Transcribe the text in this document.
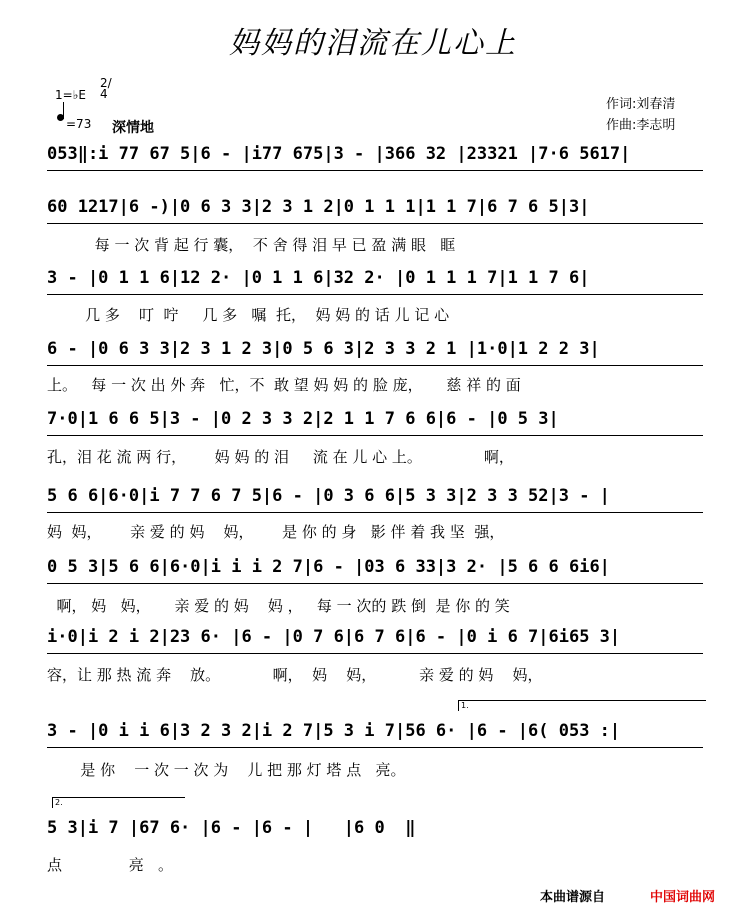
妈妈的泪流在儿心上
1=♭E
2/4
=73 深情地
作词:刘春清
作曲:李志明
053‖:i 77 67 5|6 - |i77 675|3 - |366 32 |23321 |7·6 5617|
60 1217|6 -)|0 6 3 3|2 3 1 2|0 1 1 1|1 1 7|6 7 6 5|3|
每 一 次 背 起 行 囊，  不 舍 得 泪 早 已 盈 满 眼   眶
3 - |0 1 1 6|12 2· |0 1 1 6|32 2· |0 1 1 1 7|1 1 7 6|
几 多    叮  咛     几 多   嘱  托，  妈 妈 的 话 儿 记 心
6 - |0 6 3 3|2 3 1 2 3|0 5 6 3|2 3 3 2 1 |1·0|1 2 2 3|
上。   每 一 次 出 外 奔   忙，不  敢 望 妈 妈 的 脸 庞，     慈 祥 的 面
7·0|1 6 6 5|3 - |0 2 3 3 2|2 1 1 7 6 6|6 - |0 5 3|
孔，泪 花 流 两 行，      妈 妈 的 泪     流 在 儿 心 上。             啊，
5 6 6|6·0|i 7 7 6 7 5|6 - |0 3 6 6|5 3 3|2 3 3 52|3 - |
妈  妈，      亲 爱 的 妈    妈，      是 你 的 身   影 伴 着 我 坚  强，
0 5 3|5 6 6|6·0|i i i 2 7|6 - |03 6 33|3 2· |5 6 6 6i6|
啊， 妈   妈，     亲 爱 的 妈    妈 ，   每 一 次的 跌 倒  是 你 的 笑
i·0|i 2 i 2|23 6· |6 - |0 7 6|6 7 6|6 - |0 i 6 7|6i65 3|
容，让 那 热 流 奔    放。           啊，  妈    妈，         亲 爱 的 妈    妈，
1.
3 - |0 i i 6|3 2 3 2|i 2 7|5 3 i 7|56 6· |6 - |6( 053 :|
是 你    一 次 一 次 为    儿 把 那 灯 塔 点   亮。
2.
5 3|i 7 |67 6· |6 - |6 - |   |6 0  ‖
点              亮   。
本曲谱源自	中国词曲网
